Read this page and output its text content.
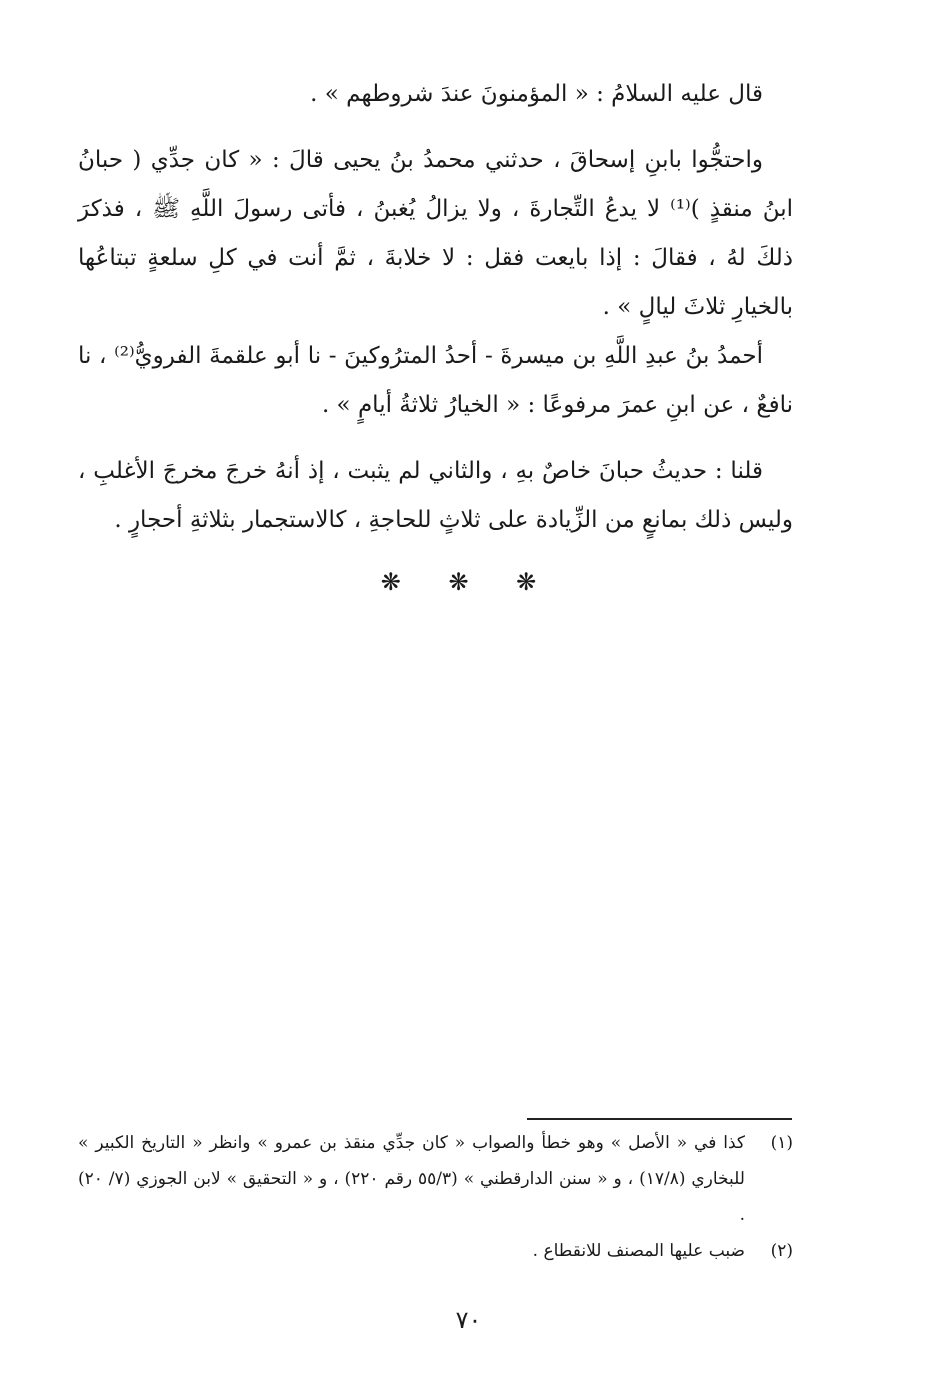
قال عليه السلامُ : « المؤمنونَ عندَ شروطهم » .

واحتجُّوا بابنِ إسحاقَ ، حدثني محمدُ بنُ يحيى قالَ : « كان جدِّي ( حبانُ ابنُ منقذٍ )⁽¹⁾ لا يدعُ التِّجارةَ ، ولا يزالُ يُغبنُ ، فأتى رسولَ اللَّهِ ﷺ ، فذكرَ ذلكَ لهُ ، فقالَ : إذا بايعت فقل : لا خلابةَ ، ثمَّ أنت في كلِ سلعةٍ تبتاعُها بالخيارِ ثلاثَ ليالٍ » .

أحمدُ بنُ عبدِ اللَّهِ بن ميسرةَ - أحدُ المترُوكينَ - نا أبو علقمةَ الفرويُّ⁽²⁾ ، نا نافعٌ ، عن ابنِ عمرَ مرفوعًا : « الخيارُ ثلاثةُ أيامٍ » .

قلنا : حديثُ حبانَ خاصٌ بهِ ، والثاني لم يثبت ، إذ أنهُ خرجَ مخرجَ الأغلبِ ، وليس ذلك بمانعٍ من الزِّيادة على ثلاثٍ للحاجةِ ، كالاستجمار بثلاثةِ أحجارٍ .

❋ ❋ ❋
(١)
كذا في « الأصل » وهو خطأ والصواب « كان جدِّي منقذ بن عمرو » وانظر « التاريخ الكبير » للبخاري (١٧/٨) ، و « سنن الدارقطني » (٥٥/٣ رقم ٢٢٠) ، و « التحقيق » لابن الجوزي (٧/ ٢٠) .
(٢)
ضبب عليها المصنف للانقطاع .
٧٠
